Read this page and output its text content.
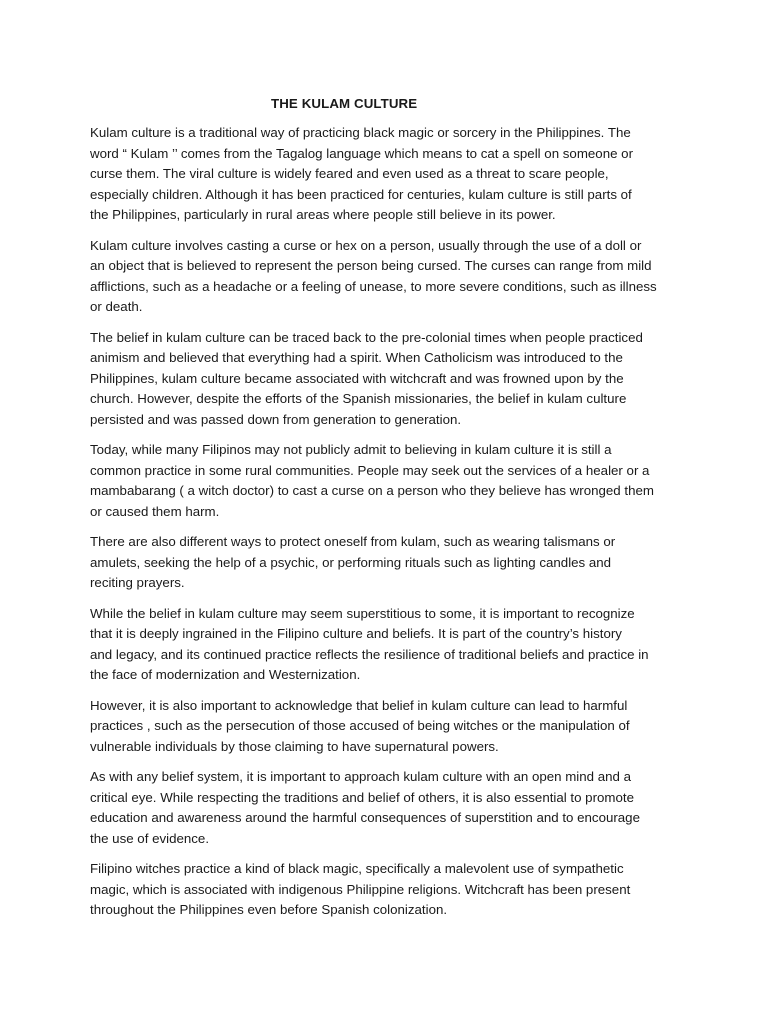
THE KULAM CULTURE
Kulam culture is a traditional way of practicing black magic or sorcery in the Philippines. The
word “ Kulam ’’ comes from the Tagalog language which means to cat a spell on someone or
curse them. The viral culture is widely feared and even used as a threat to scare people,
especially children. Although it has been practiced for centuries, kulam culture is still parts of
the Philippines, particularly in rural areas where people still believe in its power.
Kulam culture involves casting a curse or hex on a person, usually through the use of a doll or
an object that is believed to represent the person being cursed. The curses can range from mild
afflictions, such as a headache or a feeling of unease, to more severe conditions, such as illness
or death.
The belief in kulam culture can be traced back to the pre-colonial times when people practiced
animism and believed that everything had a spirit. When Catholicism was introduced to the
Philippines, kulam culture became associated with witchcraft and was frowned upon by the
church. However, despite the efforts of the Spanish missionaries, the belief in kulam culture
persisted and was passed down from generation to generation.
Today, while many Filipinos may not publicly admit to believing in kulam culture it is still a
common practice in some rural communities. People may seek out the services of a healer or a
mambabarang ( a witch doctor) to cast a curse on a person who they believe has wronged them
or caused them harm.
There are also different ways to protect oneself from kulam, such as wearing talismans or
amulets, seeking the help of a psychic, or performing rituals such as lighting candles and
reciting prayers.
While the belief in kulam culture may seem superstitious to some, it is important to recognize
that it is deeply ingrained in the Filipino culture and beliefs. It is part of the country’s history
and legacy, and its continued practice reflects the resilience of traditional beliefs and practice in
the face of modernization and Westernization.
However, it is also important to acknowledge that belief in kulam culture can lead to harmful
practices , such as the persecution of those accused of being witches or the manipulation of
vulnerable individuals by those claiming to have supernatural powers.
As with any belief system, it is important to approach kulam culture with an open mind and a
critical eye. While respecting the traditions and belief of others, it is also essential to promote
education and awareness around the harmful consequences of superstition and to encourage
the use of evidence.
Filipino witches practice a kind of black magic, specifically a malevolent use of sympathetic
magic, which is associated with indigenous Philippine religions. Witchcraft has been present
throughout the Philippines even before Spanish colonization.
